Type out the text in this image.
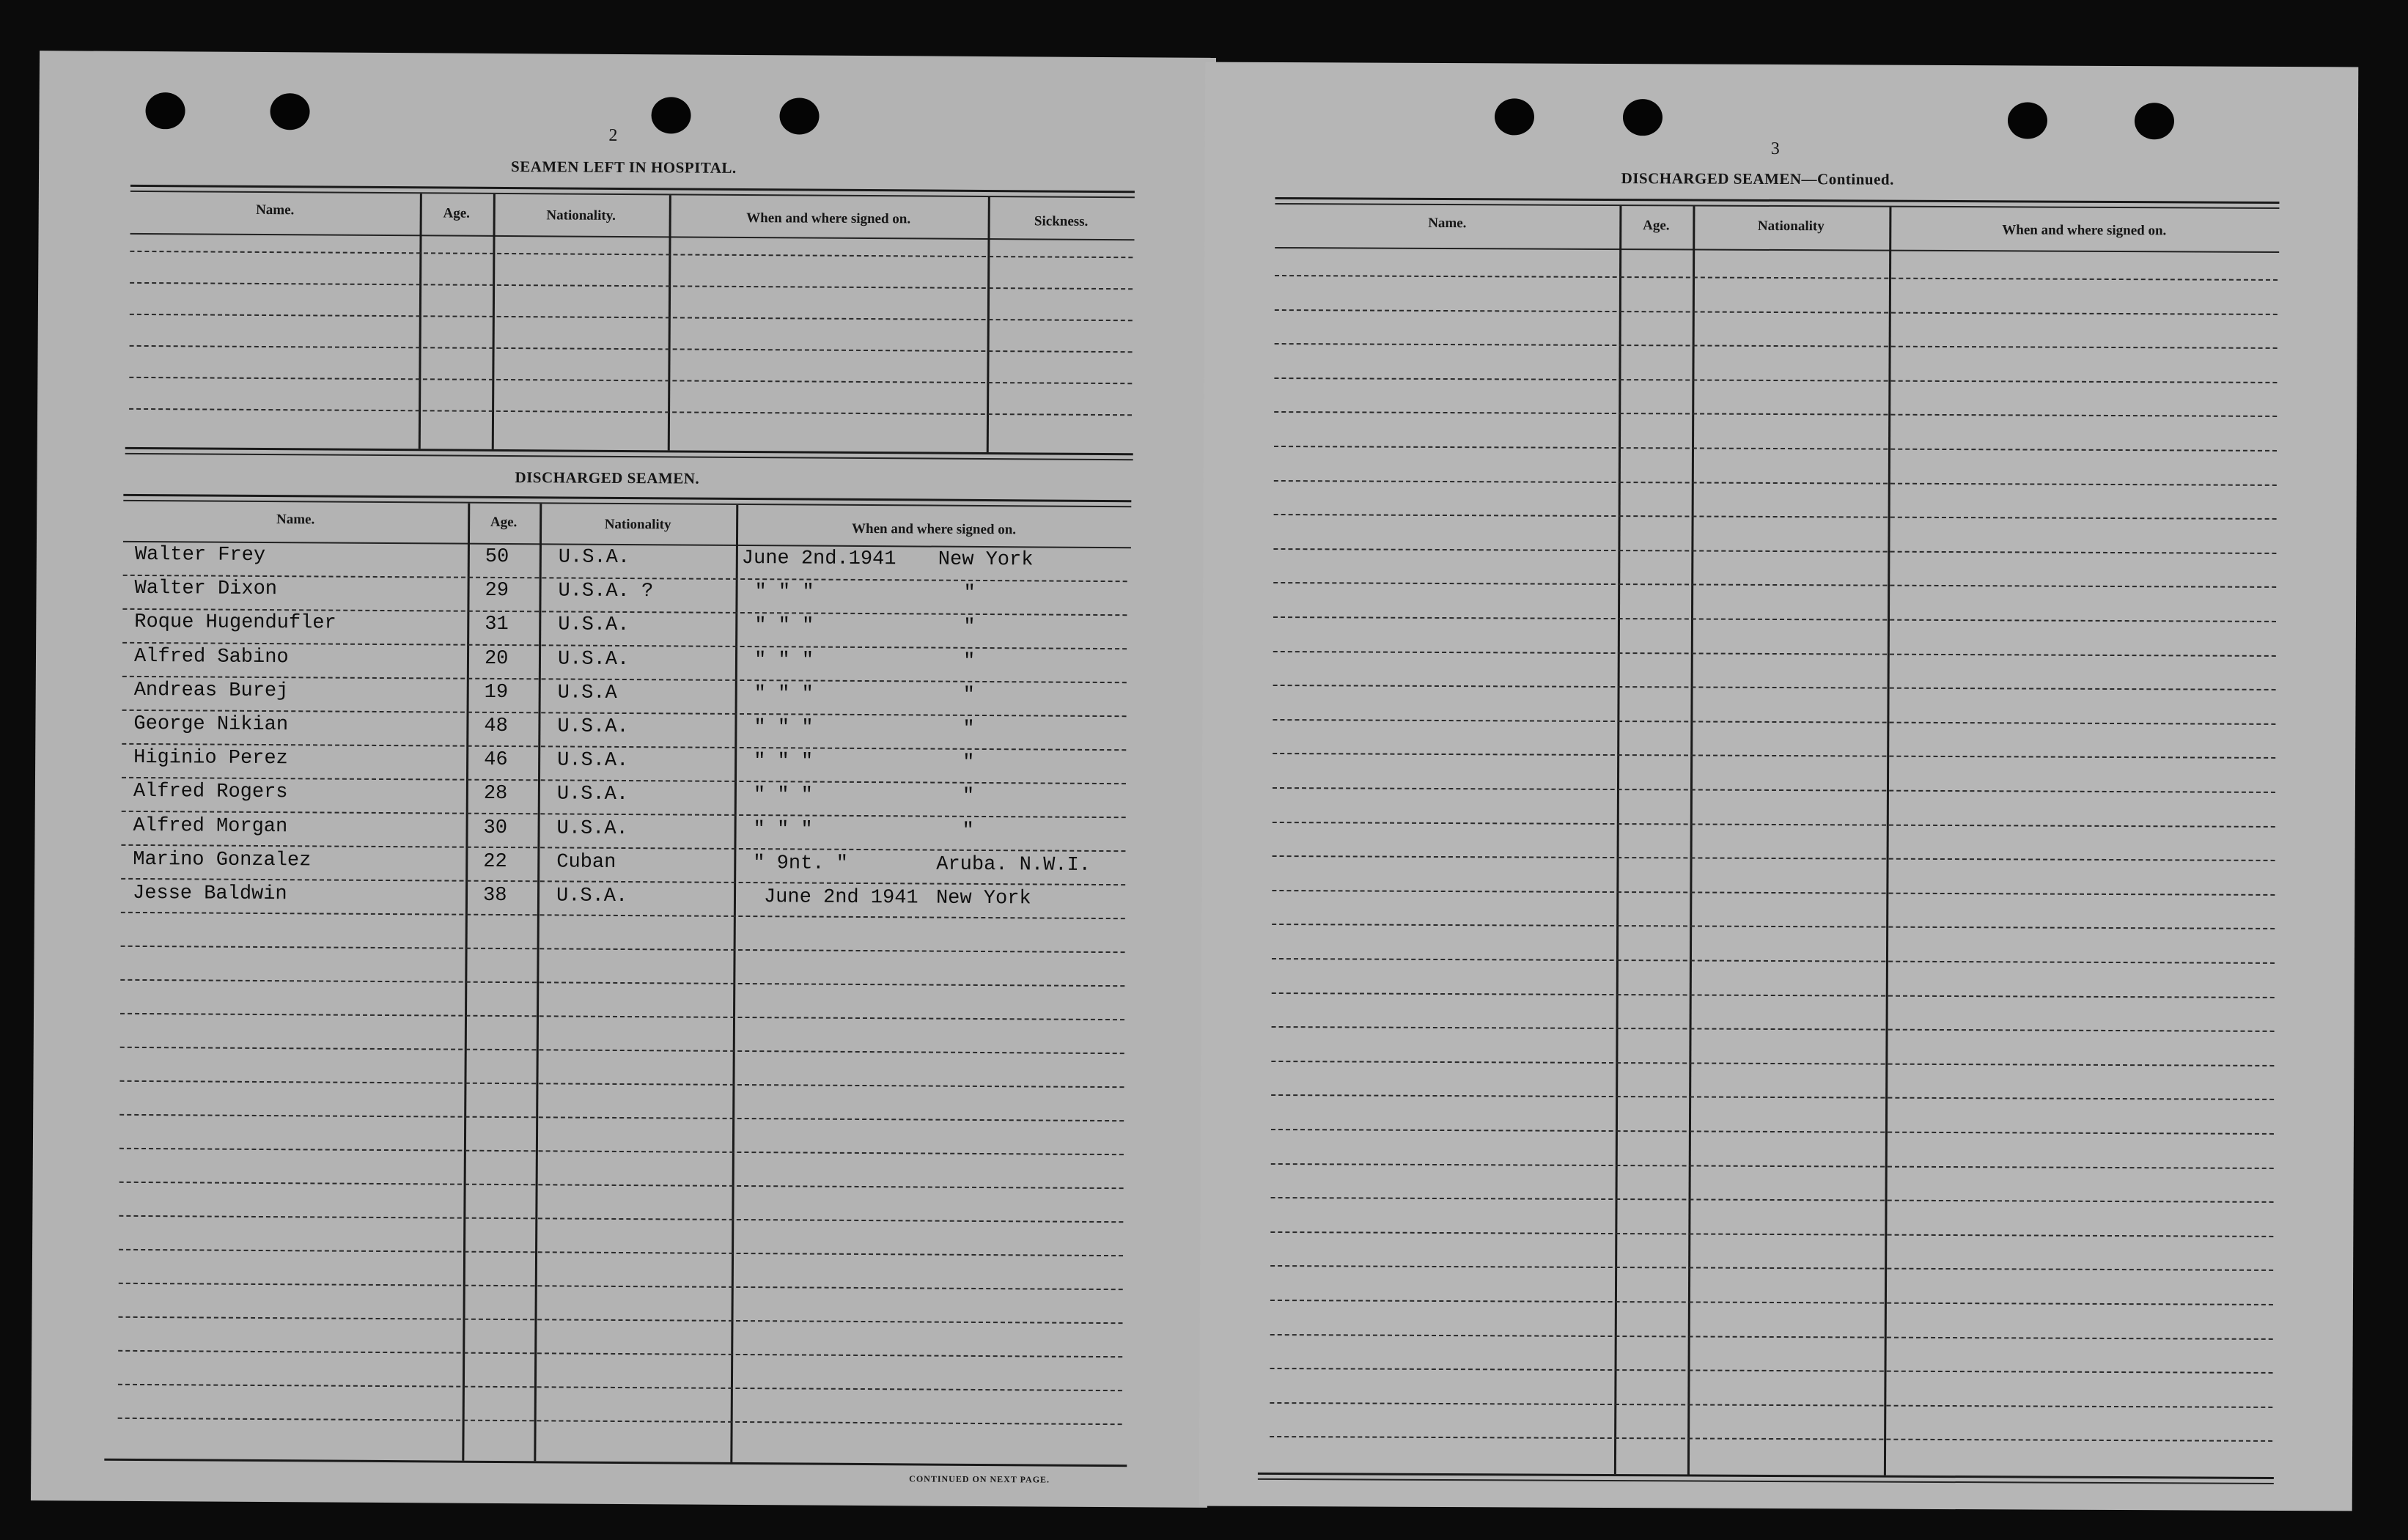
2
SEAMEN LEFT IN HOSPITAL.
Name.	Age.	Nationality.	When and where signed on.	Sickness.
DISCHARGED SEAMEN.
Name.	Age.	Nationality	When and where signed on.
Walter Frey	50 U.S.A.	June 2nd.1941 New York
Walter Dixon	29 U.S.A. ?	" " "	"
Roque Hugendufler	31 U.S.A.	" " "	"
Alfred Sabino	20 U.S.A.	" " "	"
Andreas Burej	19 U.S.A	" " "	"
George Nikian	48 U.S.A.	" " "	"
Higinio Perez	46 U.S.A.	" " "	"
Alfred Rogers	28 U.S.A.	" " "	"
Alfred Morgan	30 U.S.A.	" " "	"
Marino Gonzalez	22 Cuban	" 9nt. "	Aruba. N.W.I.
Jesse Baldwin	38 U.S.A.	June 2nd 1941 New York
CONTINUED ON NEXT PAGE.
3
DISCHARGED SEAMEN—Continued.
Name.	Age.	Nationality	When and where signed on.
